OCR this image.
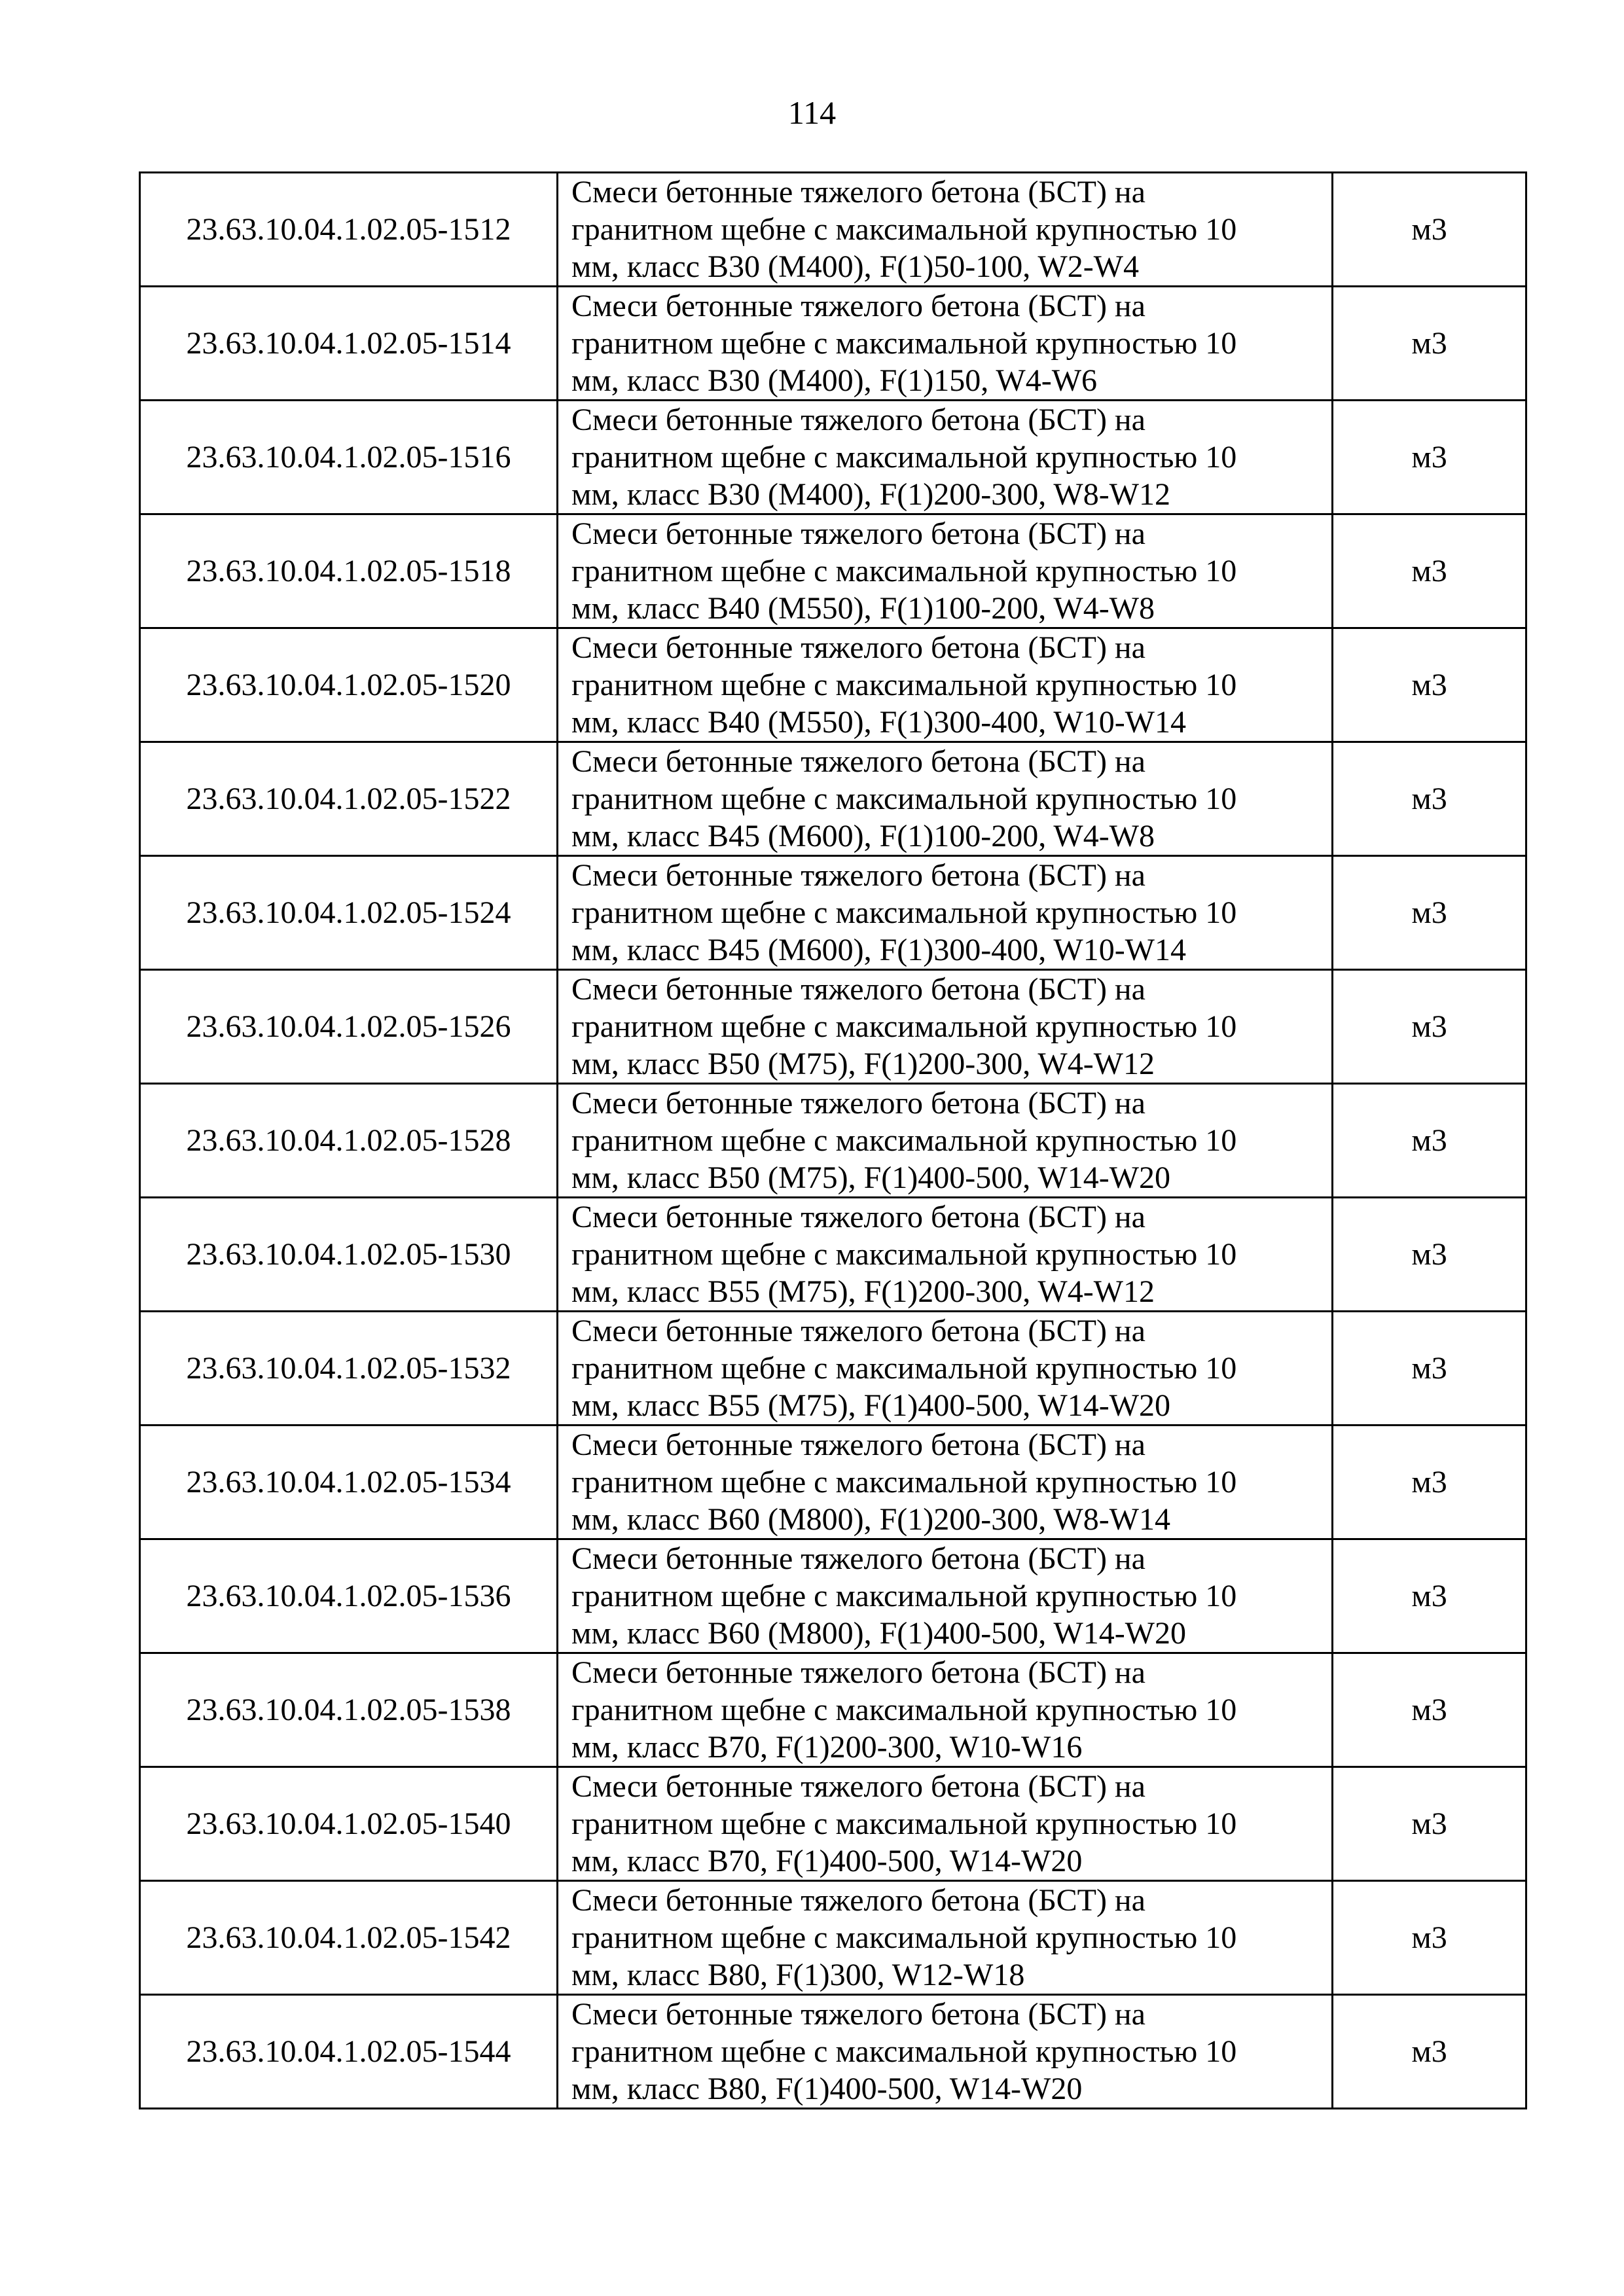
114
23.63.10.04.1.02.05-1512	Смеси бетонные тяжелого бетона (БСТ) на
гранитном щебне с максимальной крупностью 10
мм, класс В30 (М400), F(1)50-100, W2-W4	м3
23.63.10.04.1.02.05-1514	Смеси бетонные тяжелого бетона (БСТ) на
гранитном щебне с максимальной крупностью 10
мм, класс В30 (М400), F(1)150, W4-W6	м3
23.63.10.04.1.02.05-1516	Смеси бетонные тяжелого бетона (БСТ) на
гранитном щебне с максимальной крупностью 10
мм, класс В30 (М400), F(1)200-300, W8-W12	м3
23.63.10.04.1.02.05-1518	Смеси бетонные тяжелого бетона (БСТ) на
гранитном щебне с максимальной крупностью 10
мм, класс В40 (М550), F(1)100-200, W4-W8	м3
23.63.10.04.1.02.05-1520	Смеси бетонные тяжелого бетона (БСТ) на
гранитном щебне с максимальной крупностью 10
мм, класс В40 (М550), F(1)300-400, W10-W14	м3
23.63.10.04.1.02.05-1522	Смеси бетонные тяжелого бетона (БСТ) на
гранитном щебне с максимальной крупностью 10
мм, класс В45 (М600), F(1)100-200, W4-W8	м3
23.63.10.04.1.02.05-1524	Смеси бетонные тяжелого бетона (БСТ) на
гранитном щебне с максимальной крупностью 10
мм, класс В45 (М600), F(1)300-400, W10-W14	м3
23.63.10.04.1.02.05-1526	Смеси бетонные тяжелого бетона (БСТ) на
гранитном щебне с максимальной крупностью 10
мм, класс В50 (М75), F(1)200-300, W4-W12	м3
23.63.10.04.1.02.05-1528	Смеси бетонные тяжелого бетона (БСТ) на
гранитном щебне с максимальной крупностью 10
мм, класс В50 (М75), F(1)400-500, W14-W20	м3
23.63.10.04.1.02.05-1530	Смеси бетонные тяжелого бетона (БСТ) на
гранитном щебне с максимальной крупностью 10
мм, класс В55 (М75), F(1)200-300, W4-W12	м3
23.63.10.04.1.02.05-1532	Смеси бетонные тяжелого бетона (БСТ) на
гранитном щебне с максимальной крупностью 10
мм, класс В55 (М75), F(1)400-500, W14-W20	м3
23.63.10.04.1.02.05-1534	Смеси бетонные тяжелого бетона (БСТ) на
гранитном щебне с максимальной крупностью 10
мм, класс В60 (М800), F(1)200-300, W8-W14	м3
23.63.10.04.1.02.05-1536	Смеси бетонные тяжелого бетона (БСТ) на
гранитном щебне с максимальной крупностью 10
мм, класс В60 (М800), F(1)400-500, W14-W20	м3
23.63.10.04.1.02.05-1538	Смеси бетонные тяжелого бетона (БСТ) на
гранитном щебне с максимальной крупностью 10
мм, класс В70, F(1)200-300, W10-W16	м3
23.63.10.04.1.02.05-1540	Смеси бетонные тяжелого бетона (БСТ) на
гранитном щебне с максимальной крупностью 10
мм, класс В70, F(1)400-500, W14-W20	м3
23.63.10.04.1.02.05-1542	Смеси бетонные тяжелого бетона (БСТ) на
гранитном щебне с максимальной крупностью 10
мм, класс В80, F(1)300, W12-W18	м3
23.63.10.04.1.02.05-1544	Смеси бетонные тяжелого бетона (БСТ) на
гранитном щебне с максимальной крупностью 10
мм, класс В80, F(1)400-500, W14-W20	м3
